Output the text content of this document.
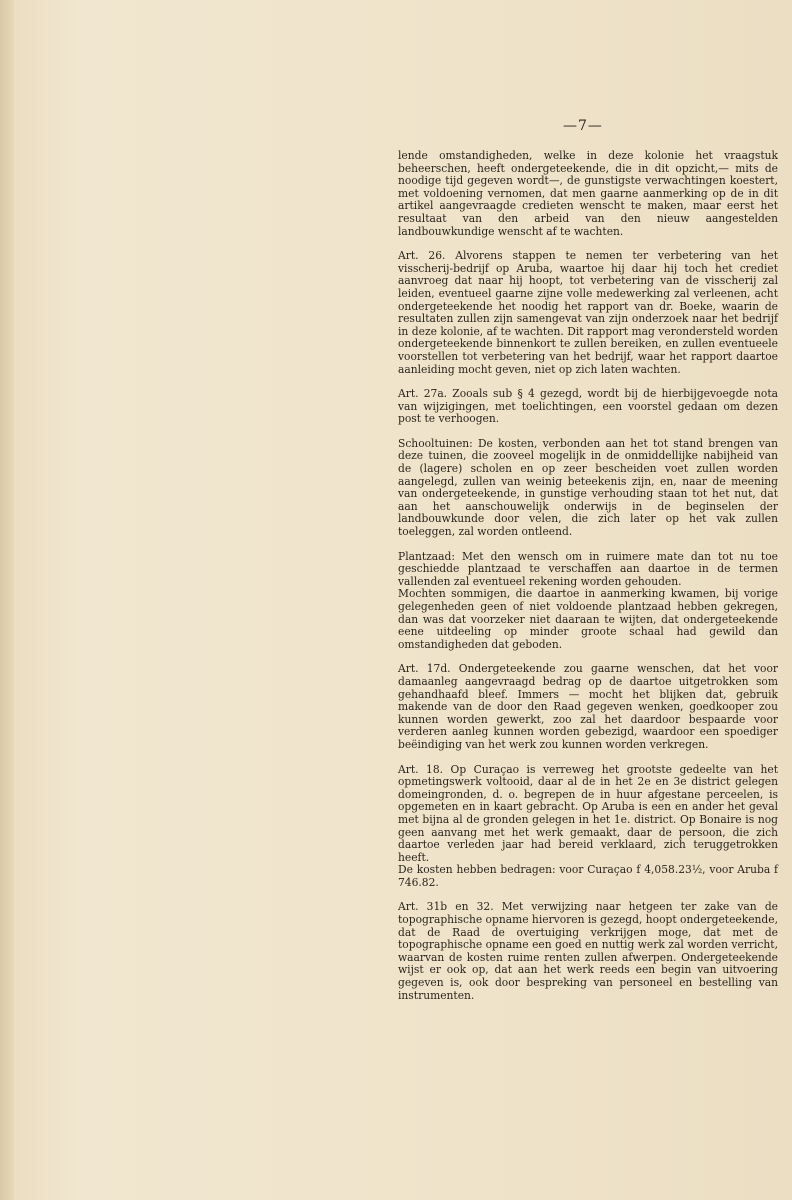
—7—

lende omstandigheden, welke in deze kolonie het vraagstuk beheerschen, heeft ondergeteekende, die in dit opzicht,— mits de noodige tijd gegeven wordt—, de gunstigste verwachtingen koestert, met voldoening vernomen, dat men gaarne aanmerking op de in dit artikel aangevraagde credieten wenscht te maken, maar eerst het resultaat van den arbeid van den nieuw aangestelden landbouwkundige wenscht af te wachten.

Art. 26. Alvorens stappen te nemen ter verbetering van het visscherij-bedrijf op Aruba, waartoe hij daar hij toch het crediet aanvroeg dat naar hij hoopt, tot verbetering van de visscherij zal leiden, eventueel gaarne zijne volle medewerking zal verleenen, acht ondergeteekende het noodig het rapport van dr. Boeke, waarin de resultaten zullen zijn samengevat van zijn onderzoek naar het bedrijf in deze kolonie, af te wachten. Dit rapport mag verondersteld worden ondergeteekende binnenkort te zullen bereiken, en zullen eventueele voorstellen tot verbetering van het bedrijf, waar het rapport daartoe aanleiding mocht geven, niet op zich laten wachten.

Art. 27a. Zooals sub § 4 gezegd, wordt bij de hierbijgevoegde nota van wijzigingen, met toelichtingen, een voorstel gedaan om dezen post te verhoogen.

Schooltuinen: De kosten, verbonden aan het tot stand brengen van deze tuinen, die zooveel mogelijk in de onmiddellijke nabijheid van de (lagere) scholen en op zeer bescheiden voet zullen worden aangelegd, zullen van weinig beteekenis zijn, en, naar de meening van ondergeteekende, in gunstige verhouding staan tot het nut, dat aan het aanschouwelijk onderwijs in de beginselen der landbouwkunde door velen, die zich later op het vak zullen toeleggen, zal worden ontleend.

Plantzaad: Met den wensch om in ruimere mate dan tot nu toe geschiedde plantzaad te verschaffen aan daartoe in de termen vallenden zal eventueel rekening worden gehouden.

Mochten sommigen, die daartoe in aanmerking kwamen, bij vorige gelegenheden geen of niet voldoende plantzaad hebben gekregen, dan was dat voorzeker niet daaraan te wijten, dat ondergeteekende eene uitdeeling op minder groote schaal had gewild dan omstandigheden dat geboden.

Art. 17d. Ondergeteekende zou gaarne wenschen, dat het voor damaanleg aangevraagd bedrag op de daartoe uitgetrokken som gehandhaafd bleef. Immers — mocht het blijken dat, gebruik makende van de door den Raad gegeven wenken, goedkooper zou kunnen worden gewerkt, zoo zal het daardoor bespaarde voor verderen aanleg kunnen worden gebezigd, waardoor een spoediger beëindiging van het werk zou kunnen worden verkregen.

Art. 18. Op Curaçao is verreweg het grootste gedeelte van het opmetingswerk voltooid, daar al de in het 2e en 3e district gelegen domeingronden, d. o. begrepen de in huur afgestane perceelen, is opgemeten en in kaart gebracht. Op Aruba is een en ander het geval met bijna al de gronden gelegen in het 1e. district. Op Bonaire is nog geen aanvang met het werk gemaakt, daar de persoon, die zich daartoe verleden jaar had bereid verklaard, zich teruggetrokken heeft.

De kosten hebben bedragen: voor Curaçao f 4,058.23½, voor Aruba f 746.82.

Art. 31b en 32. Met verwijzing naar hetgeen ter zake van de topographische opname hiervoren is gezegd, hoopt ondergeteekende, dat de Raad de overtuiging verkrijgen moge, dat met de topographische opname een goed en nuttig werk zal worden verricht, waarvan de kosten ruime renten zullen afwerpen. Ondergeteekende wijst er ook op, dat aan het werk reeds een begin van uitvoering gegeven is, ook door bespreking van personeel en bestelling van instrumenten.
